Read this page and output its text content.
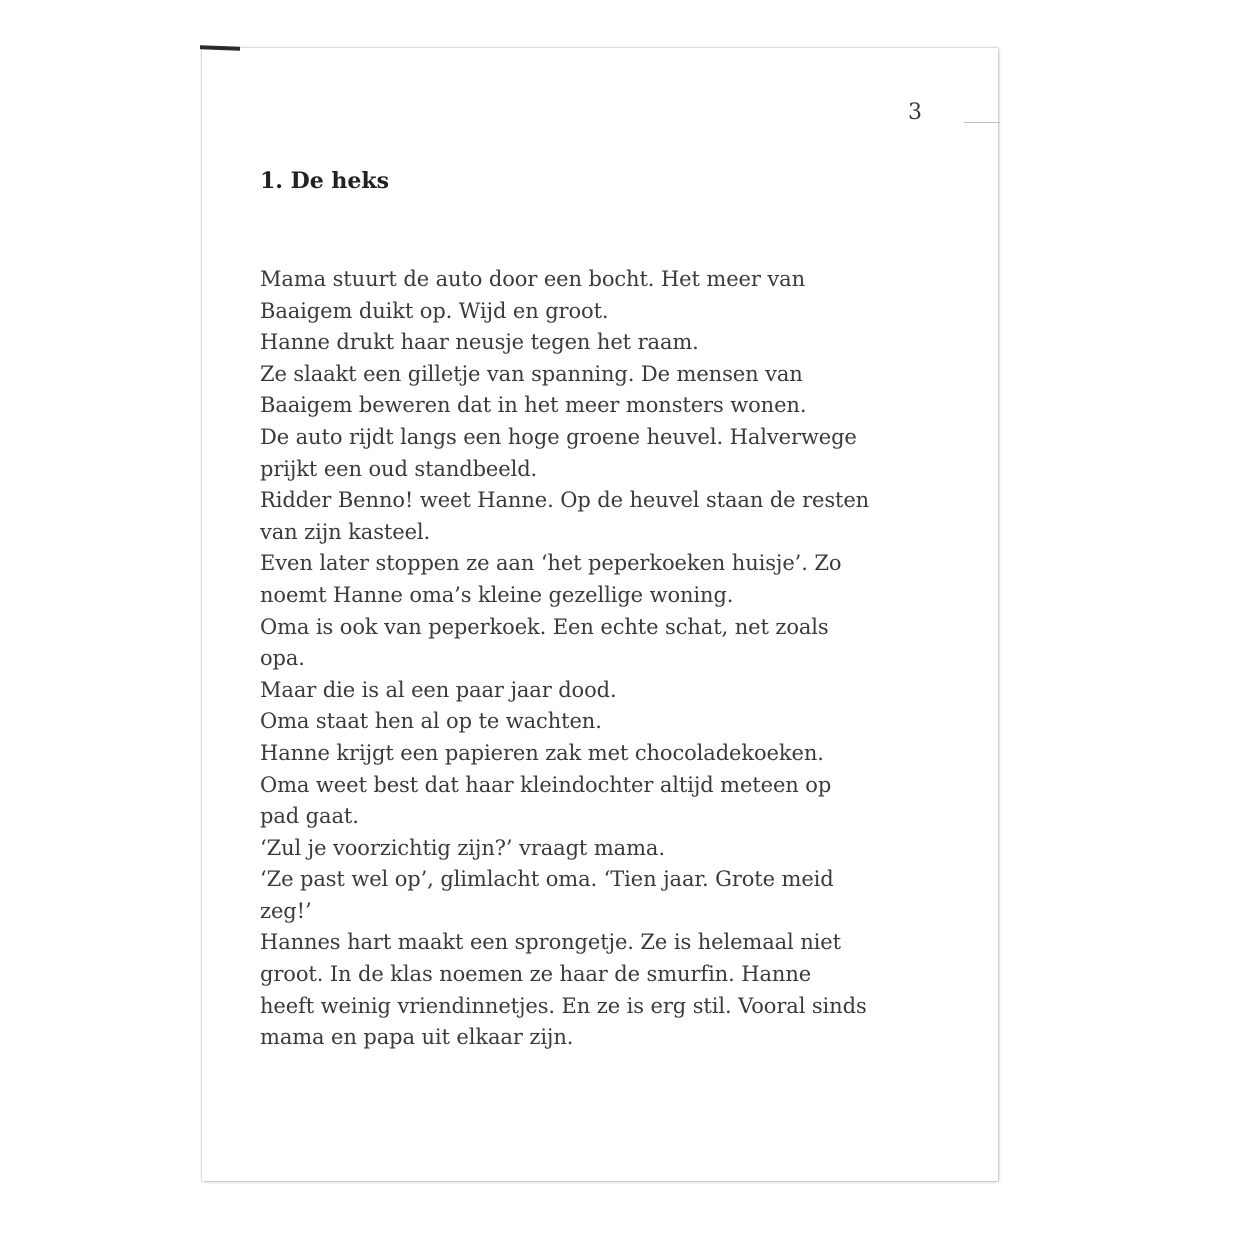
3

1. De heks
Mama stuurt de auto door een bocht. Het meer van
Baaigem duikt op. Wijd en groot.
Hanne drukt haar neusje tegen het raam.
Ze slaakt een gilletje van spanning. De mensen van
Baaigem beweren dat in het meer monsters wonen.
De auto rijdt langs een hoge groene heuvel. Halverwege
prijkt een oud standbeeld.
Ridder Benno! weet Hanne. Op de heuvel staan de resten
van zijn kasteel.
Even later stoppen ze aan ‘het peperkoeken huisje’. Zo
noemt Hanne oma’s kleine gezellige woning.
Oma is ook van peperkoek. Een echte schat, net zoals
opa.
Maar die is al een paar jaar dood.
Oma staat hen al op te wachten.
Hanne krijgt een papieren zak met chocoladekoeken.
Oma weet best dat haar kleindochter altijd meteen op
pad gaat.
‘Zul je voorzichtig zijn?’ vraagt mama.
‘Ze past wel op’, glimlacht oma. ‘Tien jaar. Grote meid
zeg!’
Hannes hart maakt een sprongetje. Ze is helemaal niet
groot. In de klas noemen ze haar de smurfin. Hanne
heeft weinig vriendinnetjes. En ze is erg stil. Vooral sinds
mama en papa uit elkaar zijn.
